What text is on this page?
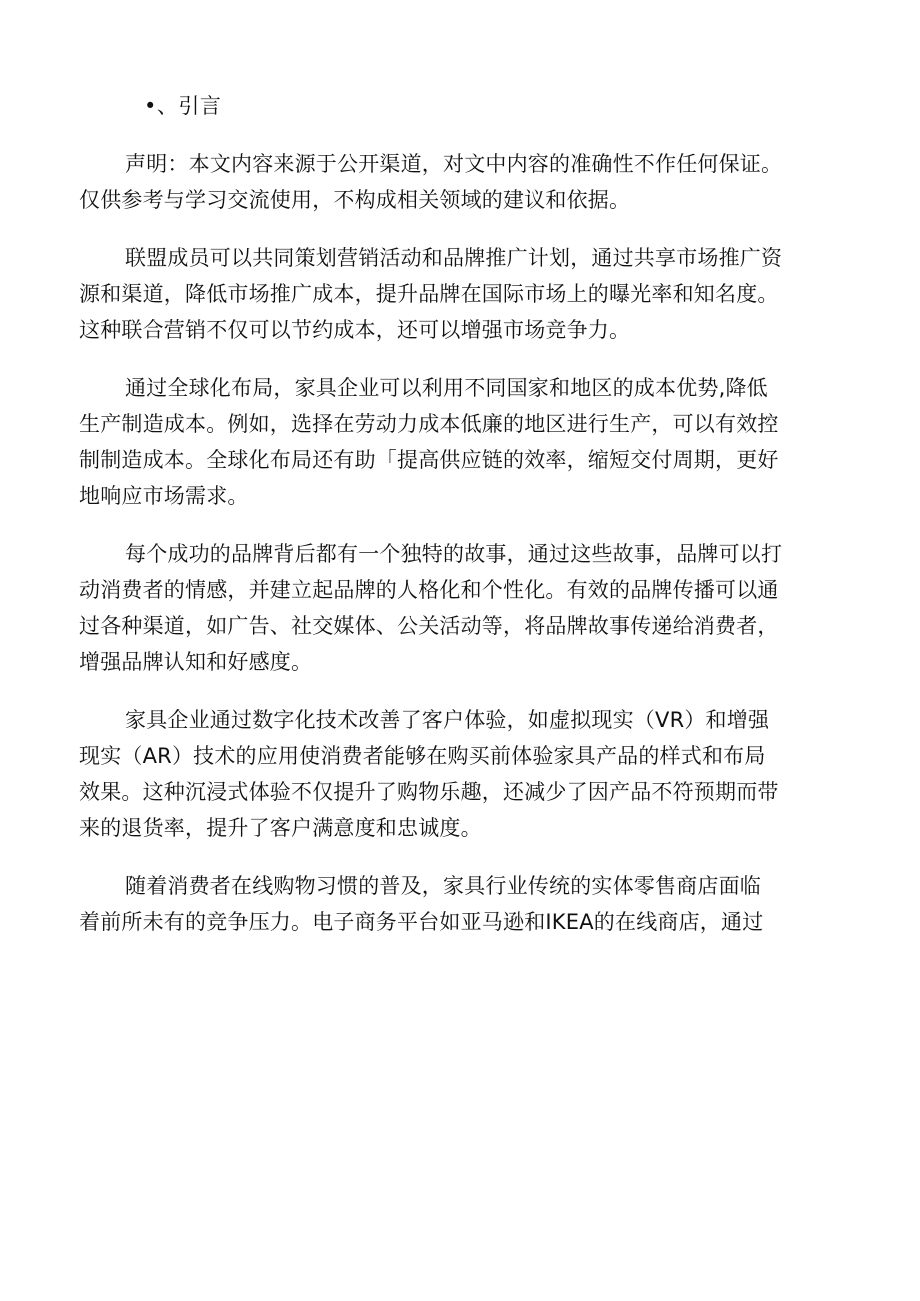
•、引言

声明：本文内容来源于公开渠道，对文中内容的准确性不作任何保证。
仅供参考与学习交流使用，不构成相关领域的建议和依据。

联盟成员可以共同策划营销活动和品牌推广计划，通过共享市场推广资
源和渠道，降低市场推广成本，提升品牌在国际市场上的曝光率和知名度。
这种联合营销不仅可以节约成本，还可以增强市场竞争力。

通过全球化布局，家具企业可以利用不同国家和地区的成本优势,降低
生产制造成本。例如，选择在劳动力成本低廉的地区进行生产，可以有效控
制制造成本。全球化布局还有助「提高供应链的效率，缩短交付周期，更好
地响应市场需求。

每个成功的品牌背后都有一个独特的故事，通过这些故事，品牌可以打
动消费者的情感，并建立起品牌的人格化和个性化。有效的品牌传播可以通
过各种渠道，如广告、社交媒体、公关活动等，将品牌故事传递给消费者，
增强品牌认知和好感度。

家具企业通过数字化技术改善了客户体验，如虚拟现实（VR）和增强
现实（AR）技术的应用使消费者能够在购买前体验家具产品的样式和布局
效果。这种沉浸式体验不仅提升了购物乐趣，还减少了因产品不符预期而带
来的退货率，提升了客户满意度和忠诚度。

随着消费者在线购物习惯的普及，家具行业传统的实体零售商店面临
着前所未有的竞争压力。电子商务平台如亚马逊和IKEA的在线商店，通过
